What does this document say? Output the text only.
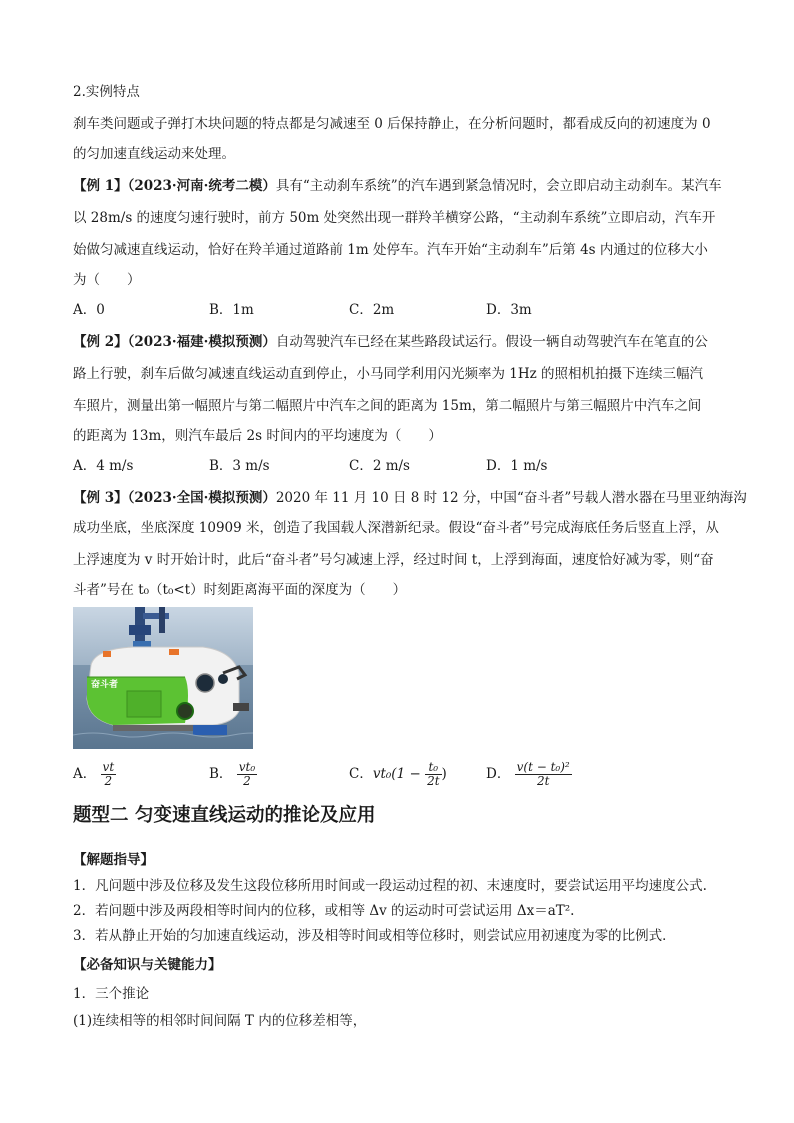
2.实例特点
刹车类问题或子弹打木块问题的特点都是匀减速至 0 后保持静止，在分析问题时，都看成反向的初速度为 0
的匀加速直线运动来处理。
【例 1】（2023·河南·统考二模）具有“主动刹车系统”的汽车遇到紧急情况时，会立即启动主动刹车。某汽车
以 28m/s 的速度匀速行驶时，前方 50m 处突然出现一群羚羊横穿公路，“主动刹车系统”立即启动，汽车开
始做匀减速直线运动，恰好在羚羊通过道路前 1m 处停车。汽车开始“主动刹车”后第 4s 内通过的位移大小
为（　　）
A．0	B．1m	C．2m	D．3m
【例 2】（2023·福建·模拟预测）自动驾驶汽车已经在某些路段试运行。假设一辆自动驾驶汽车在笔直的公
路上行驶，刹车后做匀减速直线运动直到停止，小马同学利用闪光频率为 1Hz 的照相机拍摄下连续三幅汽
车照片，测量出第一幅照片与第二幅照片中汽车之间的距离为 15m，第二幅照片与第三幅照片中汽车之间
的距离为 13m，则汽车最后 2s 时间内的平均速度为（　　）
A．4 m/s	B．3 m/s	C．2 m/s	D．1 m/s
【例 3】（2023·全国·模拟预测）2020 年 11 月 10 日 8 时 12 分，中国“奋斗者”号载人潜水器在马里亚纳海沟
成功坐底，坐底深度 10909 米，创造了我国载人深潜新纪录。假设“奋斗者”号完成海底任务后竖直上浮，从
上浮速度为 v 时开始计时，此后“奋斗者”号匀减速上浮，经过时间 t，上浮到海面，速度恰好减为零，则“奋
斗者”号在 t₀（t₀<t）时刻距离海平面的深度为（　　）
奋斗者
A． $\frac{vt}{2}$	B． $\frac{\text{vt₀}}{2}$	C．$vt_0(1 - \frac{\text{t₀}}{2t}$ )	D． $\frac{\text{v(t − t₀)²}}{2t}$
题型二 匀变速直线运动的推论及应用
【解题指导】
1．凡问题中涉及位移及发生这段位移所用时间或一段运动过程的初、末速度时，要尝试运用平均速度公式.
2．若问题中涉及两段相等时间内的位移，或相等 Δv 的运动时可尝试运用 Δx＝aT².
3．若从静止开始的匀加速直线运动，涉及相等时间或相等位移时，则尝试应用初速度为零的比例式．
【必备知识与关键能力】
1．三个推论
(1)连续相等的相邻时间间隔 T 内的位移差相等，
